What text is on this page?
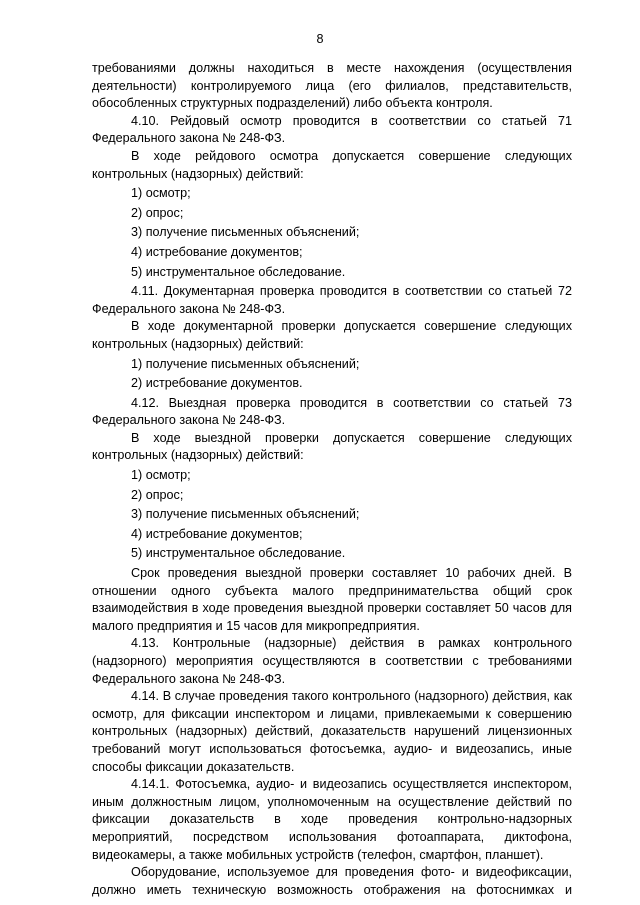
8

требованиями должны находиться в месте нахождения (осуществления деятельности) контролируемого лица (его филиалов, представительств, обособленных структурных подразделений) либо объекта контроля.

4.10. Рейдовый осмотр проводится в соответствии со статьей 71 Федерального закона № 248-ФЗ.

В ходе рейдового осмотра допускается совершение следующих контрольных (надзорных) действий:

1) осмотр;

2) опрос;

3) получение письменных объяснений;

4) истребование документов;

5) инструментальное обследование.

4.11. Документарная проверка проводится в соответствии со статьей 72 Федерального закона № 248-ФЗ.

В ходе документарной проверки допускается совершение следующих контрольных (надзорных) действий:

1) получение письменных объяснений;

2) истребование документов.

4.12. Выездная проверка проводится в соответствии со статьей 73 Федерального закона № 248-ФЗ.

В ходе выездной проверки допускается совершение следующих контрольных (надзорных) действий:

1) осмотр;

2) опрос;

3) получение письменных объяснений;

4) истребование документов;

5) инструментальное обследование.

Срок проведения выездной проверки составляет 10 рабочих дней. В отношении одного субъекта малого предпринимательства общий срок взаимодействия в ходе проведения выездной проверки составляет 50 часов для малого предприятия и 15 часов для микропредприятия.

4.13. Контрольные (надзорные) действия в рамках контрольного (надзорного) мероприятия осуществляются в соответствии с требованиями Федерального закона № 248-ФЗ.

4.14. В случае проведения такого контрольного (надзорного) действия, как осмотр, для фиксации инспектором и лицами, привлекаемыми к совершению контрольных (надзорных) действий, доказательств нарушений лицензионных требований могут использоваться фотосъемка, аудио- и видеозапись, иные способы фиксации доказательств.

4.14.1. Фотосъемка, аудио- и видеозапись осуществляется инспектором, иным должностным лицом, уполномоченным на осуществление действий по фиксации доказательств в ходе проведения контрольно-надзорных мероприятий, посредством использования фотоаппарата, диктофона, видеокамеры, а также мобильных устройств (телефон, смартфон, планшет).

Оборудование, используемое для проведения фото- и видеофиксации, должно иметь техническую возможность отображения на фотоснимках и
